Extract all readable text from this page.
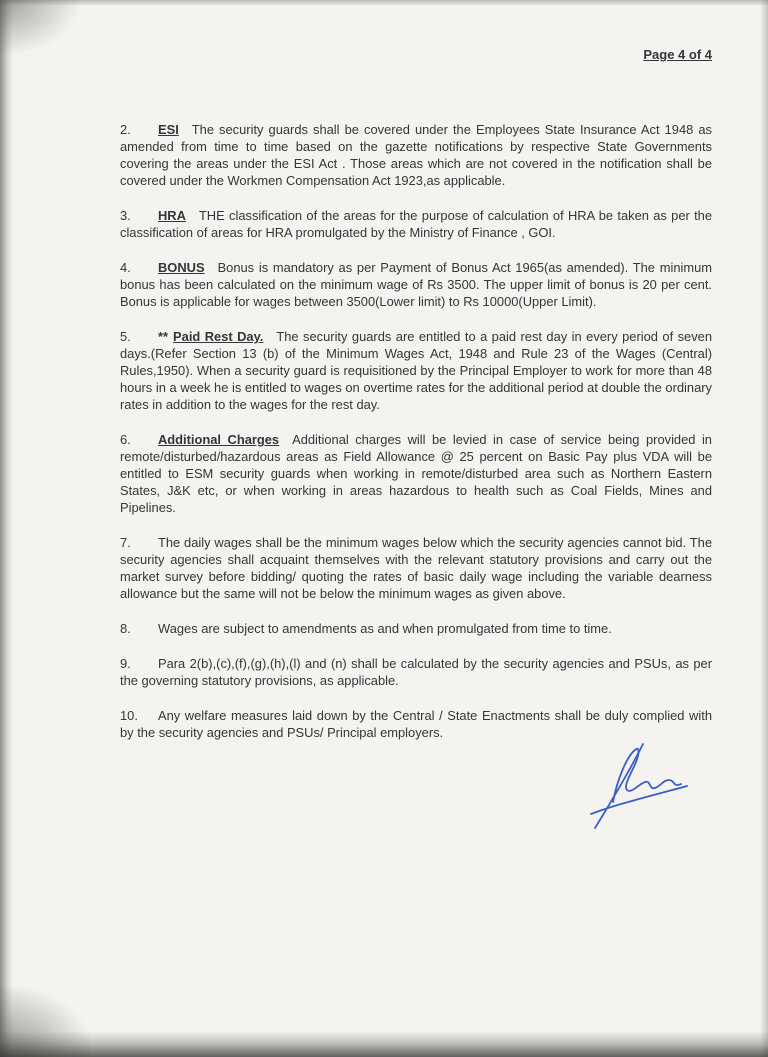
Page 4 of 4

2. ESI The security guards shall be covered under the Employees State Insurance Act 1948 as amended from time to time based on the gazette notifications by respective State Governments covering the areas under the ESI Act . Those areas which are not covered in the notification shall be covered under the Workmen Compensation Act 1923,as applicable.

3. HRA THE classification of the areas for the purpose of calculation of HRA be taken as per the classification of areas for HRA promulgated by the Ministry of Finance , GOI.

4. BONUS Bonus is mandatory as per Payment of Bonus Act 1965(as amended). The minimum bonus has been calculated on the minimum wage of Rs 3500. The upper limit of bonus is 20 per cent. Bonus is applicable for wages between 3500(Lower limit) to Rs 10000(Upper Limit).

5. ** Paid Rest Day. The security guards are entitled to a paid rest day in every period of seven days.(Refer Section 13 (b) of the Minimum Wages Act, 1948 and Rule 23 of the Wages (Central) Rules,1950). When a security guard is requisitioned by the Principal Employer to work for more than 48 hours in a week he is entitled to wages on overtime rates for the additional period at double the ordinary rates in addition to the wages for the rest day.

6. Additional Charges Additional charges will be levied in case of service being provided in remote/disturbed/hazardous areas as Field Allowance @ 25 percent on Basic Pay plus VDA will be entitled to ESM security guards when working in remote/disturbed area such as Northern Eastern States, J&K etc, or when working in areas hazardous to health such as Coal Fields, Mines and Pipelines.

7. The daily wages shall be the minimum wages below which the security agencies cannot bid. The security agencies shall acquaint themselves with the relevant statutory provisions and carry out the market survey before bidding/ quoting the rates of basic daily wage including the variable dearness allowance but the same will not be below the minimum wages as given above.

8. Wages are subject to amendments as and when promulgated from time to time.

9. Para 2(b),(c),(f),(g),(h),(l) and (n) shall be calculated by the security agencies and PSUs, as per the governing statutory provisions, as applicable.

10. Any welfare measures laid down by the Central / State Enactments shall be duly complied with by the security agencies and PSUs/ Principal employers.
